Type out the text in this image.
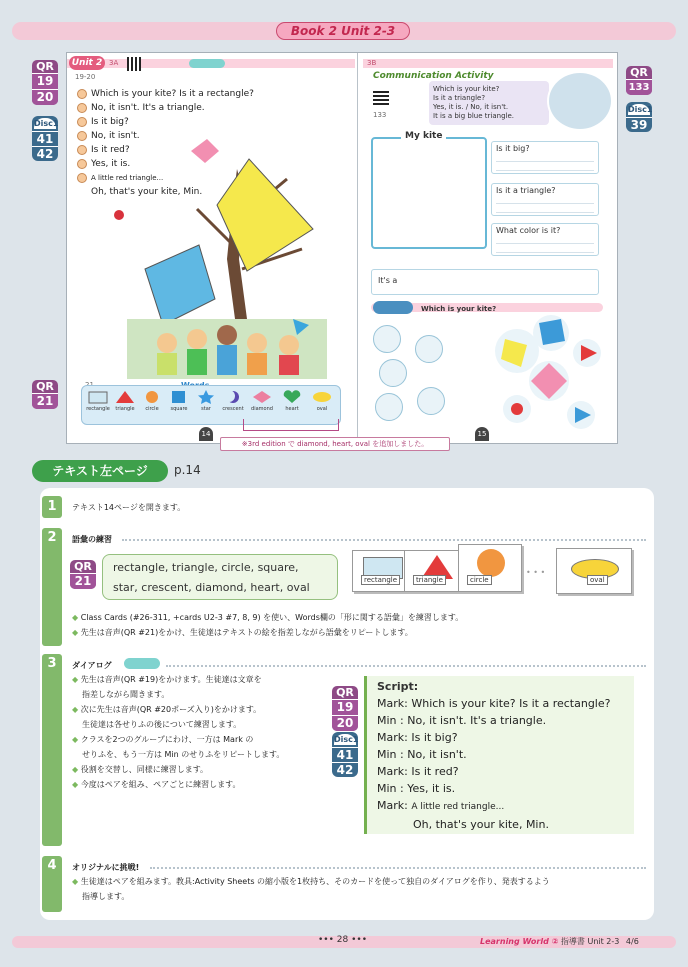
Book 2 Unit 2-3
QR
19
20
Disc1
41
42
QR
21
QR
133
Disc1
39
Unit 2 3A	3B
19-20
Which is your kite? Is it a rectangle?
No, it isn't. It's a triangle.
Is it big?
No, it isn't.
Is it red?
Yes, it is.
A little red triangle...
Oh, that's your kite, Min.
rectangle	triangle	circle	square	star	crescent diamond	heart	oval
Communication Activity
133
Which is your kite?
Is it a triangle?
Yes, it is. / No, it isn't.
It is a big blue triangle.
My kite
Is it big?
Is it a triangle?
What color is it?
It's a
Which is your kite?
14	15
※3rd edition で diamond, heart, oval を追加しました。
テキスト左ページ	p.14
1	テキスト14ページを開きます。
2	語彙の練習
QR
21
rectangle, triangle, circle, square,
star, crescent, diamond, heart, oval
rectangle	triangle	circle
• • •
oval
◆ Class Cards (#26-311, +cards U2-3 #7, 8, 9) を使い、Words欄の「形に関する語彙」を練習します。
◆ 先生は音声(QR #21)をかけ、生徒達はテキストの絵を指差しながら語彙をリピートします。
3	ダイアログ
◆ 先生は音声(QR #19)をかけます。生徒達は文章を
指差しながら聞きます。
◆ 次に先生は音声(QR #20ポーズ入り)をかけます。
生徒達は各せりふの後について練習します。
◆ クラスを2つのグループにわけ、一方は Mark の
せりふを、もう一方は Min のせりふをリピートします。
◆ 役割を交替し、同様に練習します。
◆ 今度はペアを組み、ペアごとに練習します。
QR
19
20
Disc1
41
42
Script:
Mark: Which is your kite? Is it a rectangle?
Min : No, it isn't. It's a triangle.
Mark: Is it big?
Min : No, it isn't.
Mark: Is it red?
Min : Yes, it is.
Mark: A little red triangle...
Oh, that's your kite, Min.
4	オリジナルに挑戦!
◆ 生徒達はペアを組みます。教具:Activity Sheets の縮小版を1枚持ち、そのカードを使って独自のダイアログを作り、発表するよう
指導します。
••• 28 •••	Learning World ② 指導書 Unit 2-3 4/6
